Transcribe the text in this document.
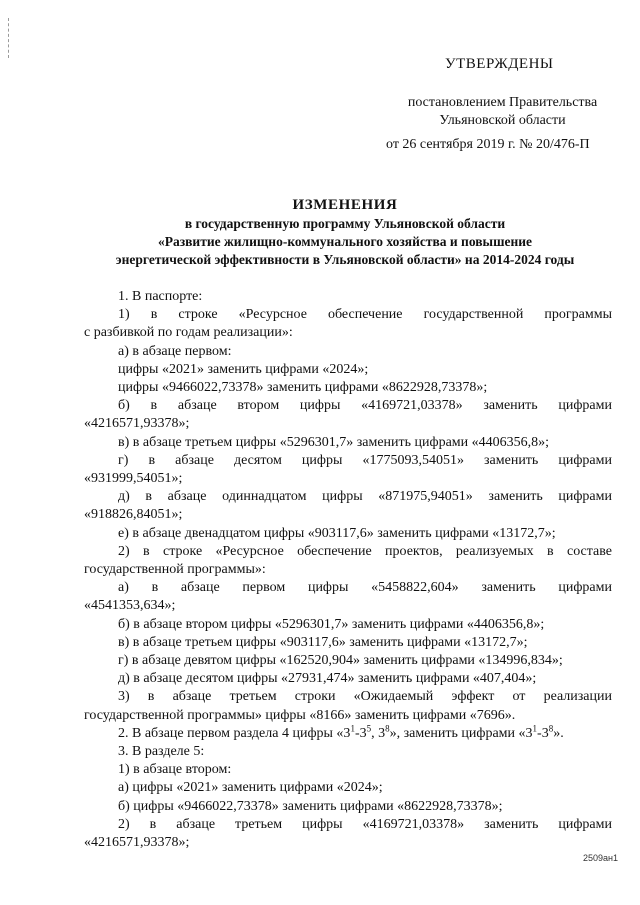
УТВЕРЖДЕНЫ
постановлением Правительства
Ульяновской области
от 26 сентября 2019 г. № 20/476-П
ИЗМЕНЕНИЯ
в государственную программу Ульяновской области
«Развитие жилищно-коммунального хозяйства и повышение
энергетической эффективности в Ульяновской области» на 2014-2024 годы
1. В паспорте:
1) в строке «Ресурсное обеспечение государственной программы
с разбивкой по годам реализации»:
а) в абзаце первом:
цифры «2021» заменить цифрами «2024»;
цифры «9466022,73378» заменить цифрами «8622928,73378»;
б) в абзаце втором цифры «4169721,03378» заменить цифрами
«4216571,93378»;
в) в абзаце третьем цифры «5296301,7» заменить цифрами «4406356,8»;
г) в абзаце десятом цифры «1775093,54051» заменить цифрами
«931999,54051»;
д) в абзаце одиннадцатом цифры «871975,94051» заменить цифрами
«918826,84051»;
е) в абзаце двенадцатом цифры «903117,6» заменить цифрами «13172,7»;
2) в строке «Ресурсное обеспечение проектов, реализуемых в составе
государственной программы»:
а) в абзаце первом цифры «5458822,604» заменить цифрами
«4541353,634»;
б) в абзаце втором цифры «5296301,7» заменить цифрами «4406356,8»;
в) в абзаце третьем цифры «903117,6» заменить цифрами «13172,7»;
г) в абзаце девятом цифры «162520,904» заменить цифрами «134996,834»;
д) в абзаце десятом цифры «27931,474» заменить цифрами «407,404»;
3) в абзаце третьем строки «Ожидаемый эффект от реализации
государственной программы» цифры «8166» заменить цифрами «7696».
2. В абзаце первом раздела 4 цифры «$3^1-3^5$, $3^8$», заменить цифрами «$3^1-3^8$».
3. В разделе 5:
1) в абзаце втором:
а) цифры «2021» заменить цифрами «2024»;
б) цифры «9466022,73378» заменить цифрами «8622928,73378»;
2) в абзаце третьем цифры «4169721,03378» заменить цифрами
«4216571,93378»;
2509ан1
